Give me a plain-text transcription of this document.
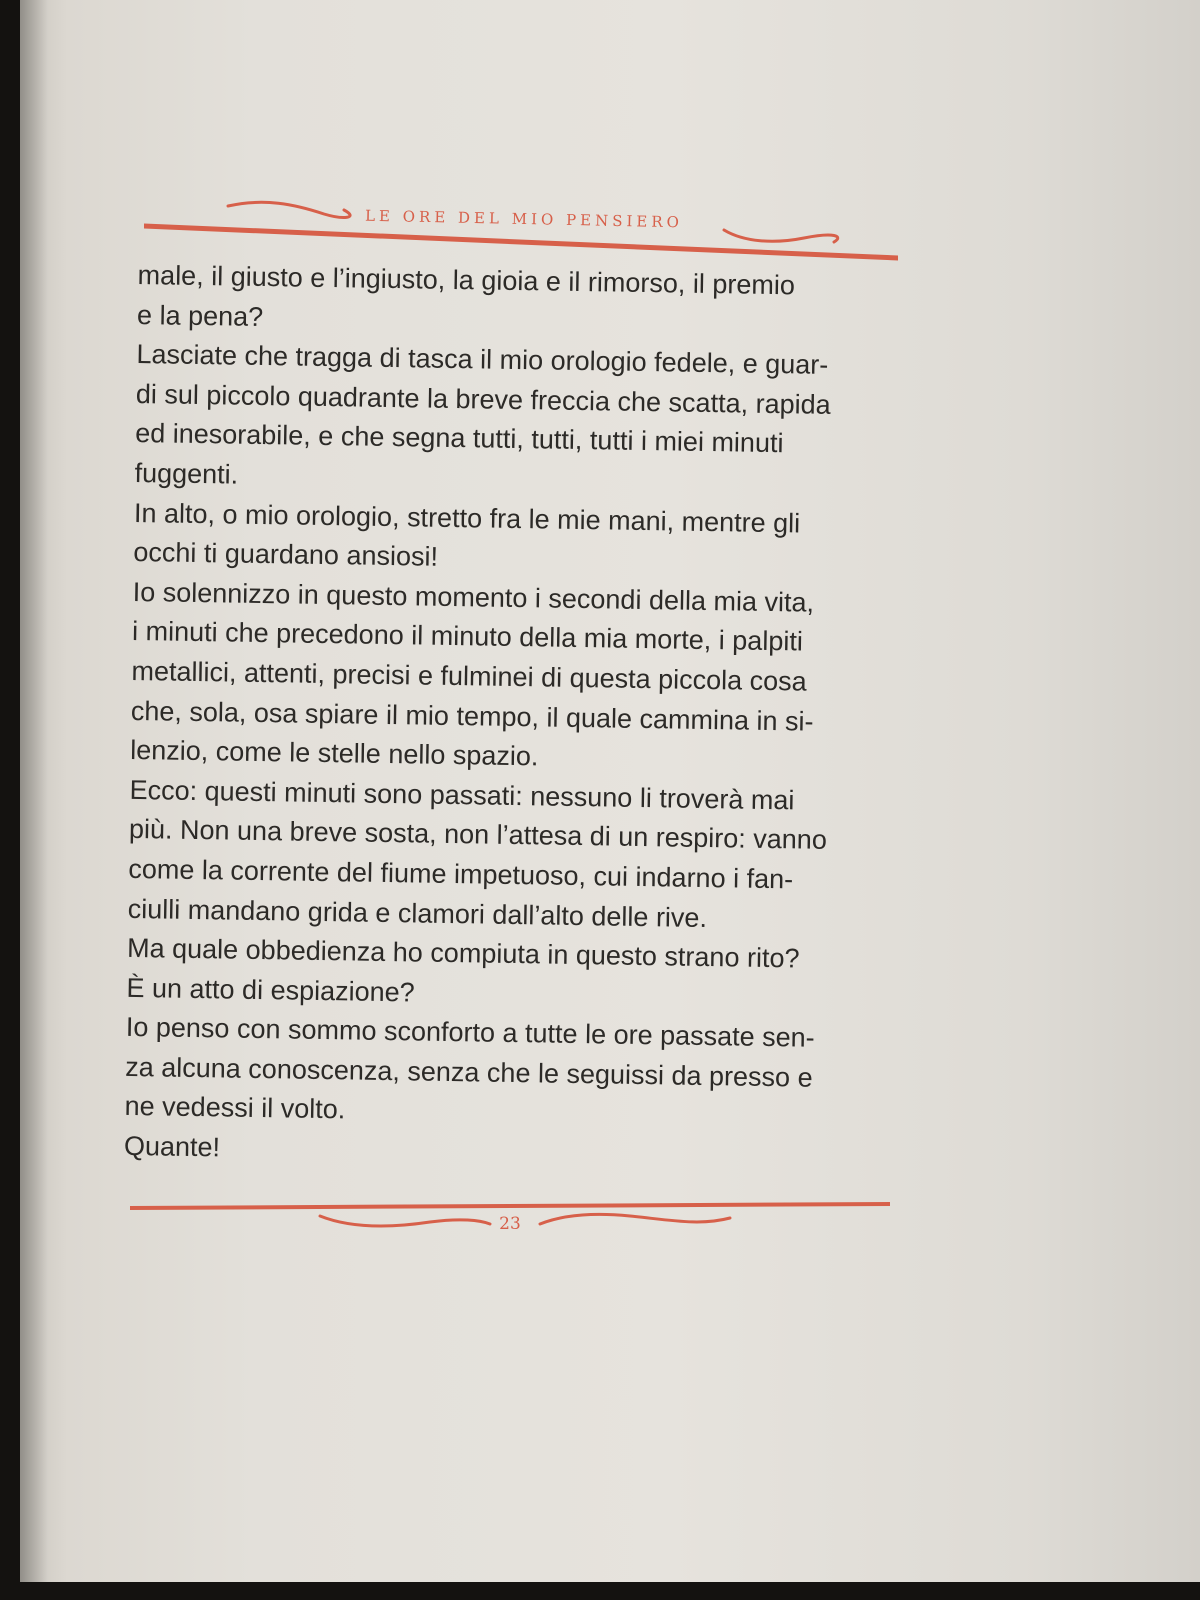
LE ORE DEL MIO PENSIERO
male, il giusto e l’ingiusto, la gioia e il rimorso, il premio
e la pena?
Lasciate che tragga di tasca il mio orologio fedele, e guar-
di sul piccolo quadrante la breve freccia che scatta, rapida
ed inesorabile, e che segna tutti, tutti, tutti i miei minuti
fuggenti.
In alto, o mio orologio, stretto fra le mie mani, mentre gli
occhi ti guardano ansiosi!
Io solennizzo in questo momento i secondi della mia vita,
i minuti che precedono il minuto della mia morte, i palpiti
metallici, attenti, precisi e fulminei di questa piccola cosa
che, sola, osa spiare il mio tempo, il quale cammina in si-
lenzio, come le stelle nello spazio.
Ecco: questi minuti sono passati: nessuno li troverà mai
più. Non una breve sosta, non l’attesa di un respiro: vanno
come la corrente del fiume impetuoso, cui indarno i fan-
ciulli mandano grida e clamori dall’alto delle rive.
Ma quale obbedienza ho compiuta in questo strano rito?
È un atto di espiazione?
Io penso con sommo sconforto a tutte le ore passate sen-
za alcuna conoscenza, senza che le seguissi da presso e
ne vedessi il volto.
Quante!
23
